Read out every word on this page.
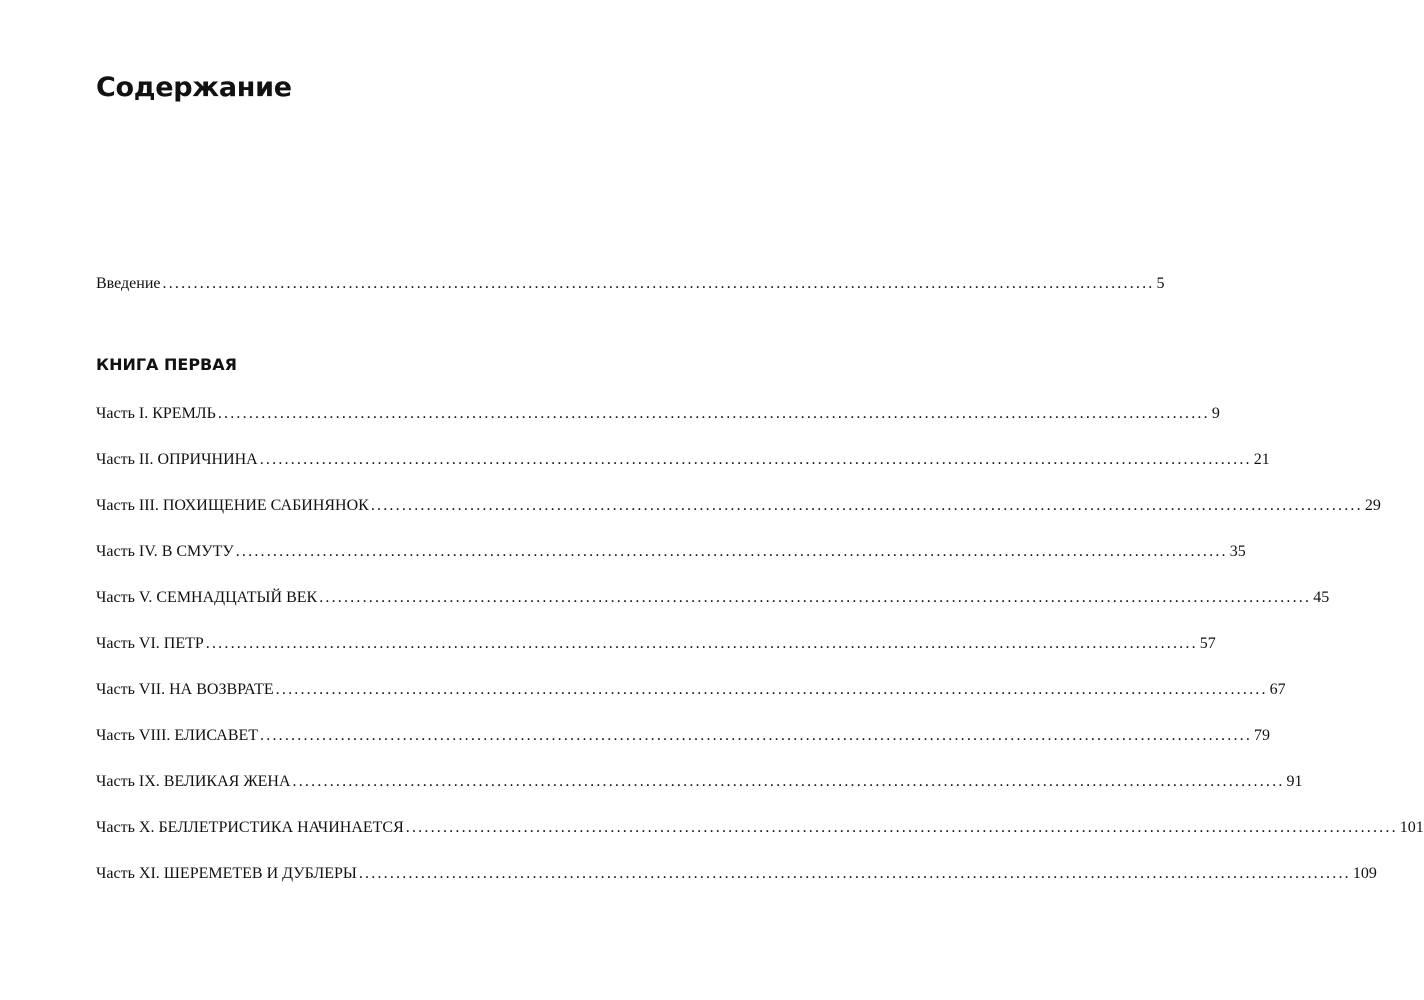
Содержание
Введение ................................................................................................................................................................ 5
КНИГА ПЕРВАЯ
Часть I. КРЕМЛЬ ................................................................................................................................................................ 9
Часть II. ОПРИЧНИНА ................................................................................................................................................................ 21
Часть III. ПОХИЩЕНИЕ САБИНЯНОК ................................................................................................................................................................ 29
Часть IV. В СМУТУ ................................................................................................................................................................ 35
Часть V. СЕМНАДЦАТЫЙ ВЕК ................................................................................................................................................................ 45
Часть VI. ПЕТР ................................................................................................................................................................ 57
Часть VII. НА ВОЗВРАТЕ ................................................................................................................................................................ 67
Часть VIII. ЕЛИСАВЕТ ................................................................................................................................................................ 79
Часть IX. ВЕЛИКАЯ ЖЕНА ................................................................................................................................................................ 91
Часть X. БЕЛЛЕТРИСТИКА НАЧИНАЕТСЯ ................................................................................................................................................................ 101
Часть XI. ШЕРЕМЕТЕВ И ДУБЛЕРЫ ................................................................................................................................................................ 109
